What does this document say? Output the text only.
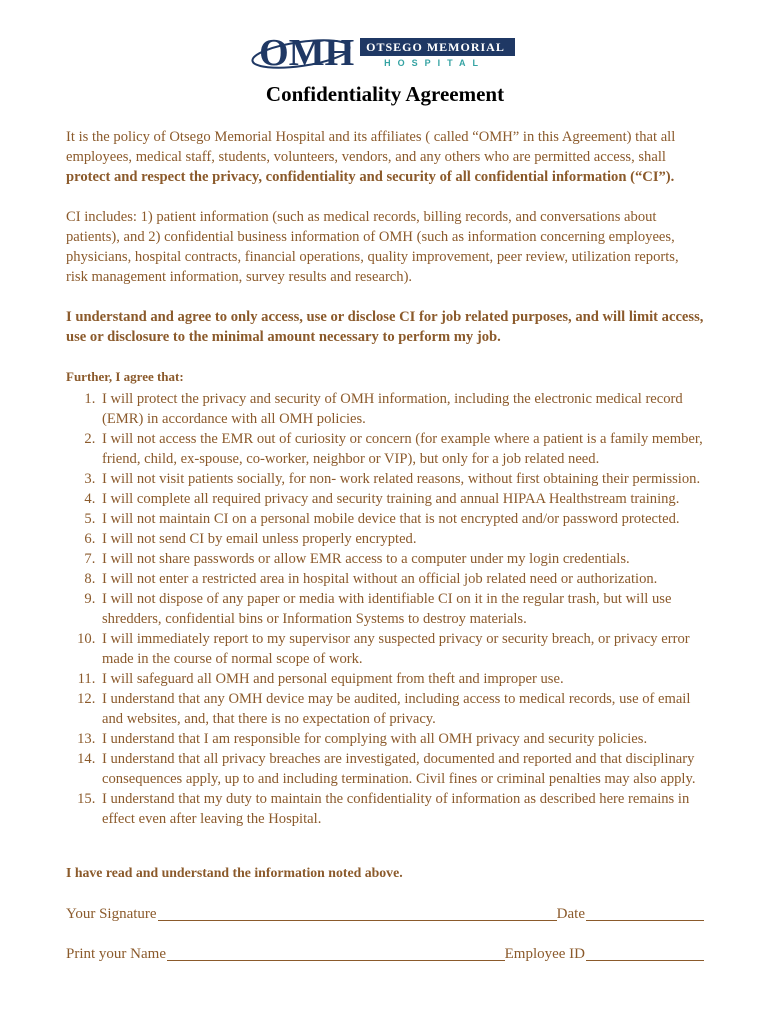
OMH	OTSEGO MEMORIAL
HOSPITAL
Confidentiality Agreement

It is the policy of Otsego Memorial Hospital and its affiliates ( called “OMH” in this Agreement) that all employees, medical staff, students, volunteers, vendors, and any others who are permitted access, shall protect and respect the privacy, confidentiality and security of all confidential information (“CI”).

CI includes: 1) patient information (such as medical records, billing records, and conversations about patients), and 2) confidential business information of OMH (such as information concerning employees, physicians, hospital contracts, financial operations, quality improvement, peer review, utilization reports, risk management information, survey results and research).

I understand and agree to only access, use or disclose CI for job related purposes, and will limit access, use or disclosure to the minimal amount necessary to perform my job.

Further, I agree that:

1. I will protect the privacy and security of OMH information, including the electronic medical record (EMR) in accordance with all OMH policies.
2. I will not access the EMR out of curiosity or concern (for example where a patient is a family member, friend, child, ex-spouse, co-worker, neighbor or VIP), but only for a job related need.
3. I will not visit patients socially, for non- work related reasons, without first obtaining their permission.
4. I will complete all required privacy and security training and annual HIPAA Healthstream training.
5. I will not maintain CI on a personal mobile device that is not encrypted and/or password protected.
6. I will not send CI by email unless properly encrypted.
7. I will not share passwords or allow EMR access to a computer under my login credentials.
8. I will not enter a restricted area in hospital without an official job related need or authorization.
9. I will not dispose of any paper or media with identifiable CI on it in the regular trash, but will use shredders, confidential bins or Information Systems to destroy materials.
10. I will immediately report to my supervisor any suspected privacy or security breach, or privacy error made in the course of normal scope of work.
11. I will safeguard all OMH and personal equipment from theft and improper use.
12. I understand that any OMH device may be audited, including access to medical records, use of email and websites, and, that there is no expectation of privacy.
13. I understand that I am responsible for complying with all OMH privacy and security policies.
14. I understand that all privacy breaches are investigated, documented and reported and that disciplinary consequences apply, up to and including termination. Civil fines or criminal penalties may also apply.
15. I understand that my duty to maintain the confidentiality of information as described here remains in effect even after leaving the Hospital.

I have read and understand the information noted above.

Your Signature	Date
Print your Name	Employee ID
